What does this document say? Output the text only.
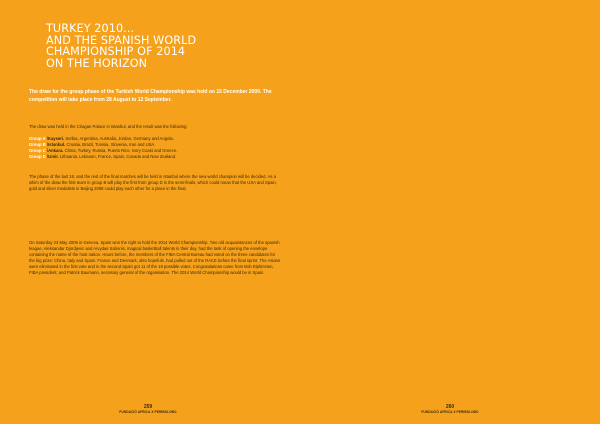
TURKEY 2010...
AND THE SPANISH WORLD
CHAMPIONSHIP OF 2014
ON THE HORIZON
The draw for the group phase of the Turkish World Championship was held on 15 December 2009. The competition will take place from 28 August to 12 September.
The draw was held in the Ciragan Palace in Istanbul, and the result was the following:
Group A /Kayseri. Serbia, Argentina, Australia, Jordan, Germany and Angola.
Group B /Istanbul. Croatia, Brazil, Tunisia, Slovenia, Iran and USA.
Group C /Ankara. China, Turkey, Russia, Puerto Rico, Ivory Coast and Greece.
Group D /Izmir. Lithuania, Lebanon, France, Spain, Canada and New Zealand.
The phase of the last 16, and the rest of the final matches will be held in Istanbul where the new world champion will be decided. As a whim of the draw the first team in group B will play the first from group D in the semi-finals, which could mean that the USA and Spain, gold and silver medalists in Beijing 2008 could play each other for a place in the final.
On Saturday 23 May 2009 in Geneva, Spain won the right to hold the 2014 World Championship. Two old acquaintances of the spanish league, Aleksandar Djordjevic and Arvydas Sabonis, magical basketball talents in their day, had the task of opening the envelope containing the name of the host nation. Hours before, the members of the FIBA Central Bureau had voted on the three candidates for the big prize: China, Italy and Spain. France and Denmark, also hopefuls, had pulled out of the RACE before the final sprint. The Asians were eliminated in the first vote and in the second Spain got 11 of the 19 possible votes. Congratulations came from Bob Elphinston, FIBA president; and Patrick Baumann, secretary general of the organisation. The 2014 World Championship would be in Spain.
259
FUNDACIÓ AFRICA X PERIBSLOBO
260
FUNDACIÓ AFRICA X PERIBSLOBO
